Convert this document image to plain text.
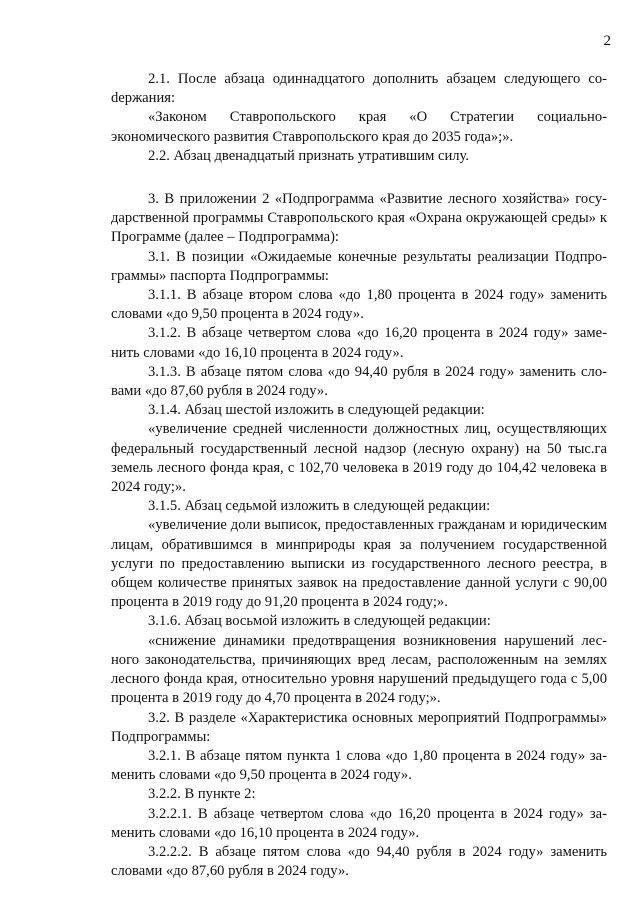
2

2.1. После абзаца одиннадцатого дополнить абзацем следующего соdержания:

«Законом Ставропольского края «О Стратегии социально-экономического развития Ставропольского края до 2035 года»;».

2.2. Абзац двенадцатый признать утратившим силу.

3. В приложении 2 «Подпрограмма «Развитие лесного хозяйства» государственной программы Ставропольского края «Охрана окружающей среды» к Программе (далее – Подпрограмма):

3.1. В позиции «Ожидаемые конечные результаты реализации Подпрограммы» паспорта Подпрограммы:

3.1.1. В абзаце втором слова «до 1,80 процента в 2024 году» заменить словами «до 9,50 процента в 2024 году».

3.1.2. В абзаце четвертом слова «до 16,20 процента в 2024 году» заменить словами «до 16,10 процента в 2024 году».

3.1.3. В абзаце пятом слова «до 94,40 рубля в 2024 году» заменить словами «до 87,60 рубля в 2024 году».

3.1.4. Абзац шестой изложить в следующей редакции:

«увеличение средней численности должностных лиц, осуществляющих федеральный государственный лесной надзор (лесную охрану) на 50 тыс.га земель лесного фонда края, с 102,70 человека в 2019 году до 104,42 человека в 2024 году;».

3.1.5. Абзац седьмой изложить в следующей редакции:

«увеличение доли выписок, предоставленных гражданам и юридическим лицам, обратившимся в минприроды края за получением государственной услуги по предоставлению выписки из государственного лесного реестра, в общем количестве принятых заявок на предоставление данной услуги с 90,00 процента в 2019 году до 91,20 процента в 2024 году;».

3.1.6. Абзац восьмой изложить в следующей редакции:

«снижение динамики предотвращения возникновения нарушений лесного законодательства, причиняющих вред лесам, расположенным на землях лесного фонда края, относительно уровня нарушений предыдущего года с 5,00 процента в 2019 году до 4,70 процента в 2024 году;».

3.2. В разделе «Характеристика основных мероприятий Подпрограммы» Подпрограммы:

3.2.1. В абзаце пятом пункта 1 слова «до 1,80 процента в 2024 году» заменить словами «до 9,50 процента в 2024 году».

3.2.2. В пункте 2:

3.2.2.1. В абзаце четвертом слова «до 16,20 процента в 2024 году» заменить словами «до 16,10 процента в 2024 году».

3.2.2.2. В абзаце пятом слова «до 94,40 рубля в 2024 году» заменить словами «до 87,60 рубля в 2024 году».
